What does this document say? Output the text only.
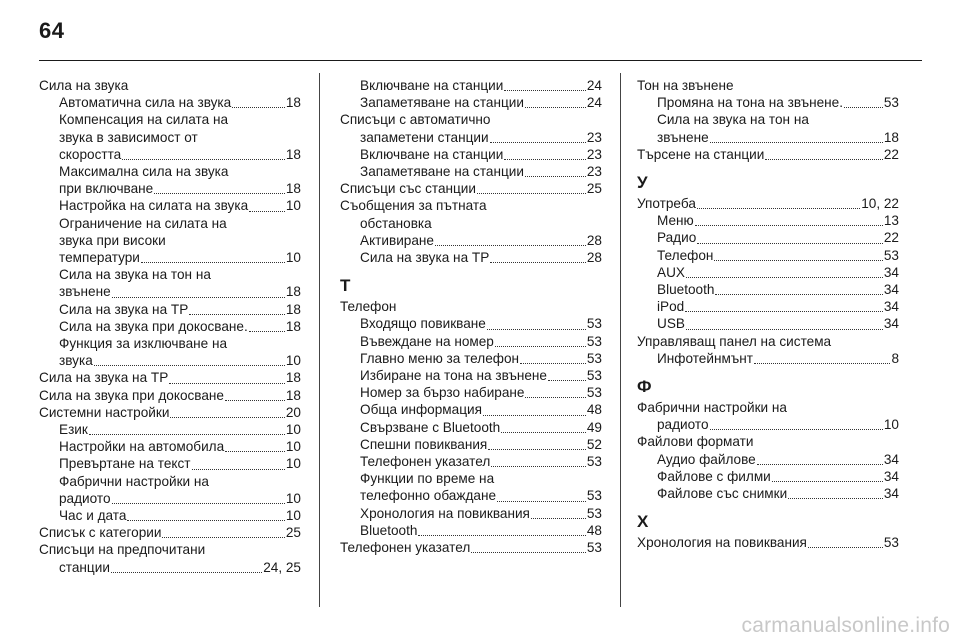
64
Сила на звука
Автоматична сила на звука	18
Компенсация на силата на
звука в зависимост от
скоростта	18
Максимална сила на звука
при включване	18
Настройка на силата на звука	10
Ограничение на силата на
звука при високи
температури	10
Сила на звука на тон на
звънене	18
Сила на звука на TP	18
Сила на звука при докосване.	18
Функция за изключване на
звука	10
Сила на звука на TP	18
Сила на звука при докосване	18
Системни настройки	20
Език	10
Настройки на автомобила	10
Превъртане на текст	10
Фабрични настройки на
радиото	10
Час и дата	10
Списък с категории	25
Списъци на предпочитани
станции	24, 25
Включване на станции	24
Запаметяване на станции	24
Списъци с автоматично
запаметени станции	23
Включване на станции	23
Запаметяване на станции	23
Списъци със станции	25
Съобщения за пътната
обстановка
Активиране	28
Сила на звука на TP	28
Т
Телефон
Входящо повикване	53
Въвеждане на номер	53
Главно меню за телефон	53
Избиране на тона на звънене	53
Номер за бързо набиране	53
Обща информация	48
Свързване с Bluetooth	49
Спешни повиквания	52
Телефонен указател	53
Функции по време на
телефонно обаждане	53
Хронология на повиквания	53
Bluetooth	48
Телефонен указател	53
Тон на звънене
Промяна на тона на звънене.	53
Сила на звука на тон на
звънене	18
Търсене на станции	22
У
Употреба	10, 22
Меню	13
Радио	22
Телефон	53
AUX	34
Bluetooth	34
iPod	34
USB	34
Управляващ панел на система
Инфотейнмънт	8
Ф
Фабрични настройки на
радиото	10
Файлови формати
Аудио файлове	34
Файлове с филми	34
Файлове със снимки	34
Х
Хронология на повиквания	53
carmanualsonline.info
